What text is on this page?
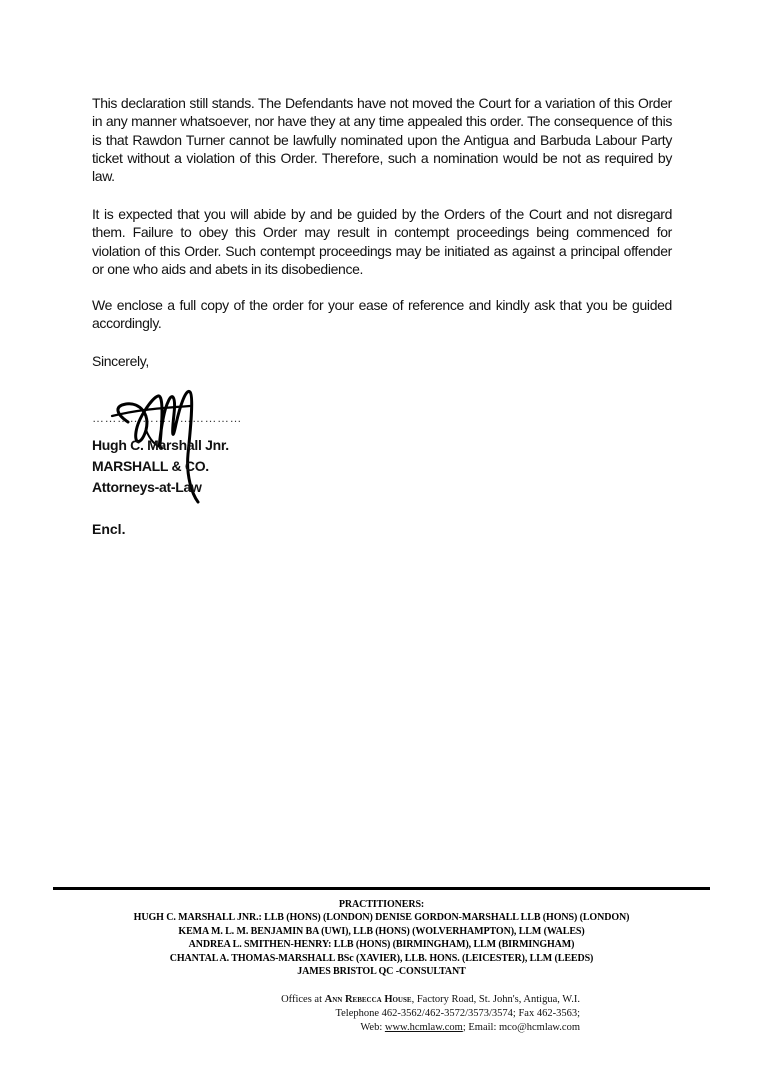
This declaration still stands. The Defendants have not moved the Court for a variation of this Order in any manner whatsoever, nor have they at any time appealed this order. The consequence of this is that Rawdon Turner cannot be lawfully nominated upon the Antigua and Barbuda Labour Party ticket without a violation of this Order. Therefore, such a nomination would be not as required by law.

It is expected that you will abide by and be guided by the Orders of the Court and not disregard them. Failure to obey this Order may result in contempt proceedings being commenced for violation of this Order. Such contempt proceedings may be initiated as against a principal offender or one who aids and abets in its disobedience.

We enclose a full copy of the order for your ease of reference and kindly ask that you be guided accordingly.

Sincerely,
………………………………
Hugh C. Marshall Jnr.
MARSHALL & CO.
Attorneys-at-Law
Encl.
PRACTITIONERS:
HUGH C. MARSHALL JNR.: LLB (HONS) (LONDON) DENISE GORDON-MARSHALL LLB (HONS) (LONDON)
KEMA M. L. M. BENJAMIN BA (UWI), LLB (HONS) (WOLVERHAMPTON), LLM (WALES)
ANDREA L. SMITHEN-HENRY: LLB (HONS) (BIRMINGHAM), LLM (BIRMINGHAM)
CHANTAL A. THOMAS-MARSHALL BSc (XAVIER), LLB. HONS. (LEICESTER), LLM (LEEDS)
JAMES BRISTOL QC -CONSULTANT
Offices at Ann Rebecca House, Factory Road, St. John's, Antigua, W.I.
Telephone 462-3562/462-3572/3573/3574; Fax 462-3563;
Web: www.hcmlaw.com; Email: mco@hcmlaw.com
